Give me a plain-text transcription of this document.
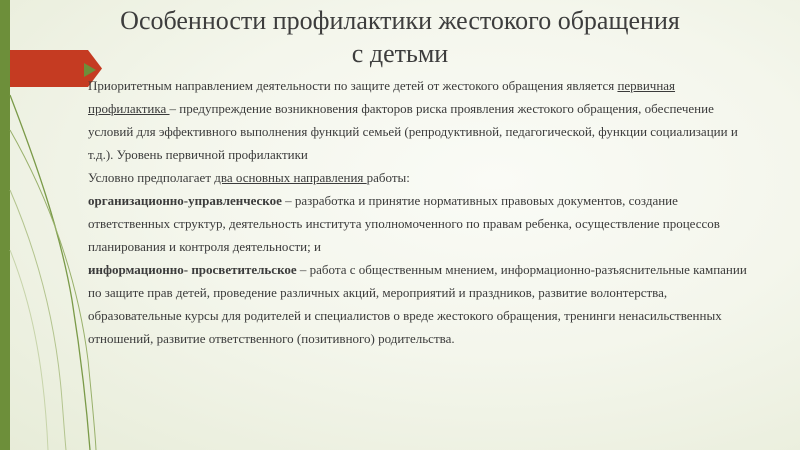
Особенности профилактики жестокого обращения с детьми

Приоритетным направлением деятельности по защите детей от жестокого обращения является первичная профилактика – предупреждение возникновения факторов риска проявления жестокого обращения, обеспечение условий для эффективного выполнения функций семьей (репродуктивной, педагогической, функции социализации и т.д.). Уровень первичной профилактики

Условно предполагает два основных направления работы:

организационно-управленческое – разработка и принятие нормативных правовых документов, создание ответственных структур, деятельность института уполномоченного по правам ребенка, осуществление процессов планирования и контроля деятельности; и

информационно- просветительское – работа с общественным мнением, информационно-разъяснительные кампании по защите прав детей, проведение различных акций, мероприятий и праздников, развитие волонтерства, образовательные курсы для родителей и специалистов о вреде жестокого обращения, тренинги ненасильственных отношений, развитие ответственного (позитивного) родительства.
